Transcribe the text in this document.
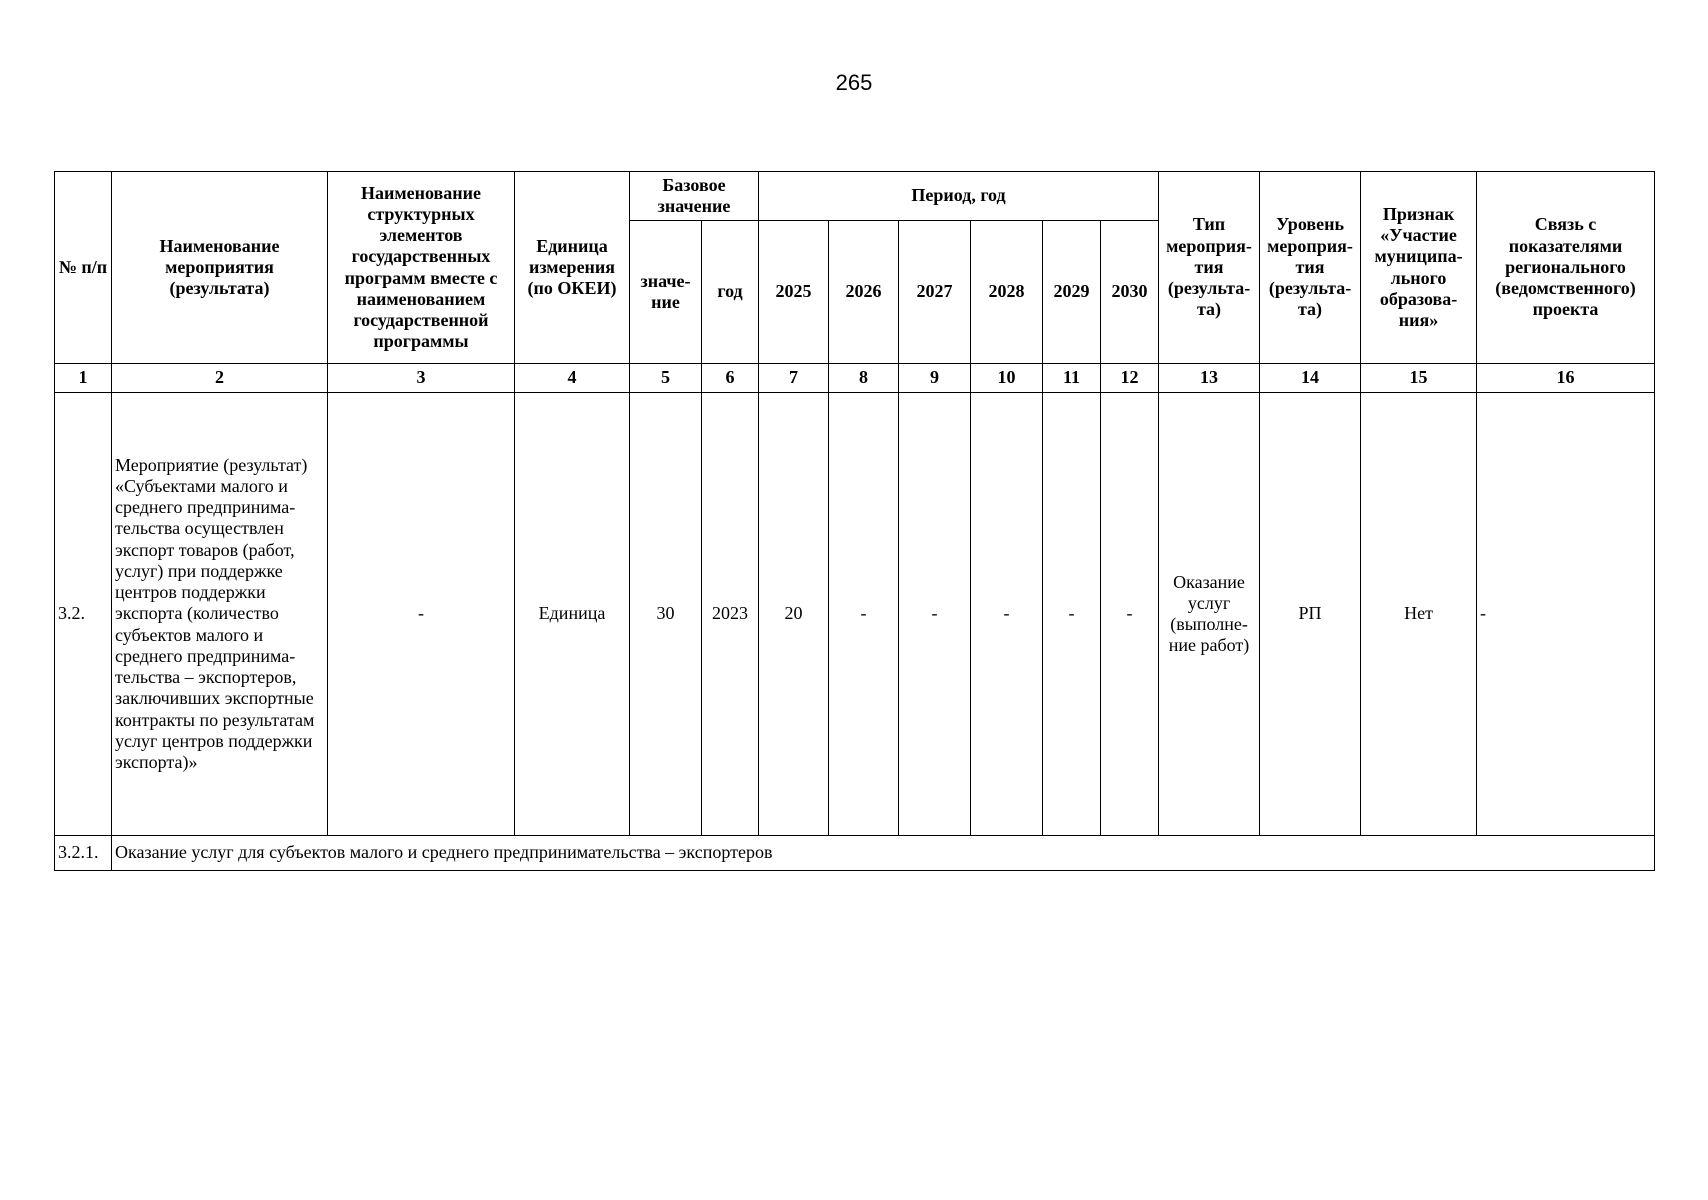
265
№ п/п	Наименование мероприятия (результата)	Наименование структурных элементов государственных программ вместе с наименованием государственной программы	Единица измерения (по ОКЕИ)	Базовое значение		Период, год						Тип мероприя-тия (результа-та)	Уровень мероприя-тия (результа-та)	Признак «Участие муниципа-льного образова-ния»	Связь с показателями регионального (ведомственного) проекта
				значе-ние	год	2025	2026	2027	2028	2029	2030				
1	2	3	4	5	6	7	8	9	10	11	12	13	14	15	16
3.2.	Мероприятие (результат) «Субъектами малого и среднего предпринима-тельства осуществлен экспорт товаров (работ, услуг) при поддержке центров поддержки экспорта (количество субъектов малого и среднего предпринима-тельства – экспортеров, заключивших экспортные контракты по результатам услуг центров поддержки экспорта)»	-	Единица	30	2023	20	-	-	-	-	-	Оказание услуг (выполне-ние работ)	РП	Нет	-
3.2.1.	Оказание услуг для субъектов малого и среднего предпринимательства – экспортеров														
